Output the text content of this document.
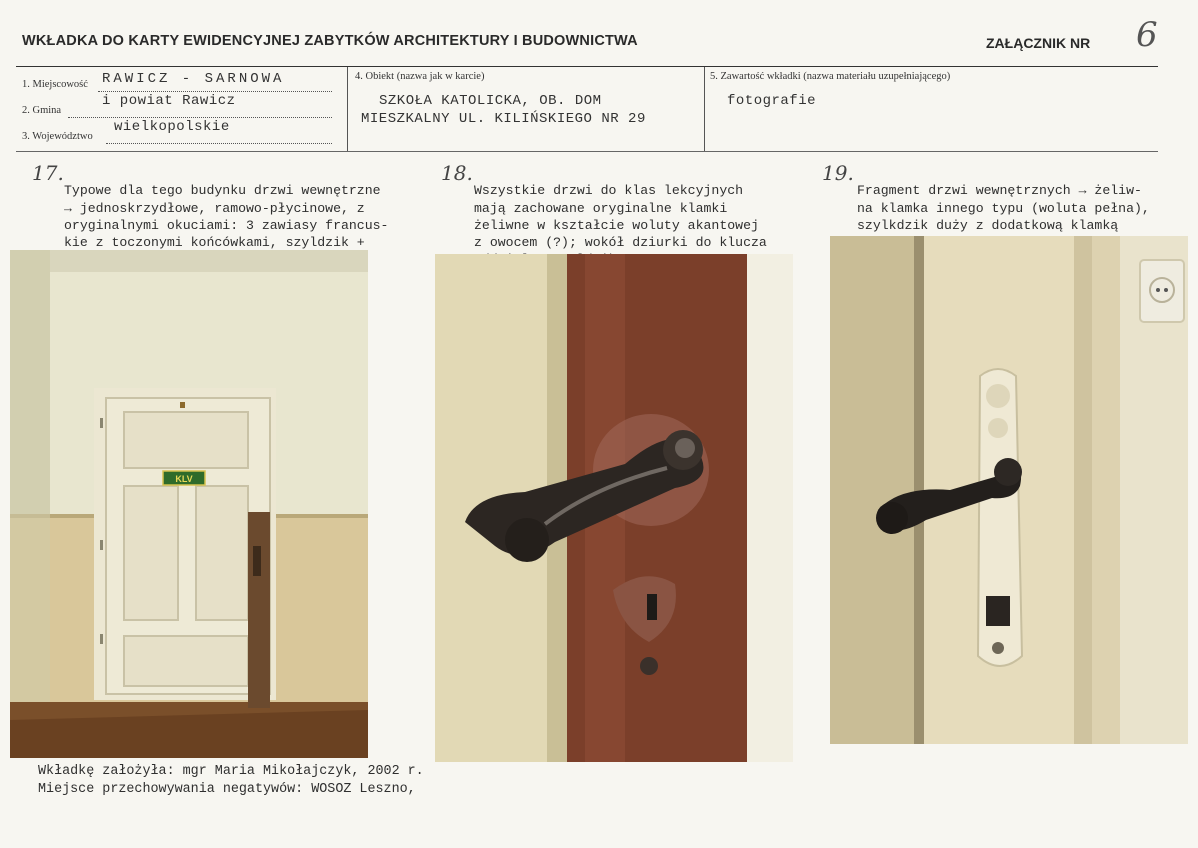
WKŁADKA DO KARTY EWIDENCYJNEJ ZABYTKÓW ARCHITEKTURY I BUDOWNICTWA	ZAŁĄCZNIK NR 6
1. Miejscowość RAWICZ - SARNOWA
2. Gmina
i powiat Rawicz
3. Województwo
wielkopolskie
4. Obiekt (nazwa jak w karcie)
SZKOŁA KATOLICKA, OB. DOM
MIESZKALNY UL. KILIŃSKIEGO NR 29
5. Zawartość wkładki (nazwa materiału uzupełniającego)
fotografie
17.

Typowe dla tego budynku drzwi wewnętrzne
→ jednoskrzydłowe, ramowo-płycinowe, z
oryginalnymi okuciami: 3 zawiasy francus-
kie z toczonymi końcówkami, szyldzik +

18.

Wszystkie drzwi do klas lekcyjnych
mają zachowane oryginalne klamki
żeliwne w kształcie woluty akantowej
z owocem (?); wokół dziurki do klucza

19.

Fragment drzwi wewnętrznych → żeliw-
na klamka innego typu (woluta pełna),
szylkdzik duży z dodatkową klamką

KLV
Wkładkę założyła: mgr Maria Mikołajczyk, 2002 r.
Miejsce przechowywania negatywów: WOSOZ Leszno,
